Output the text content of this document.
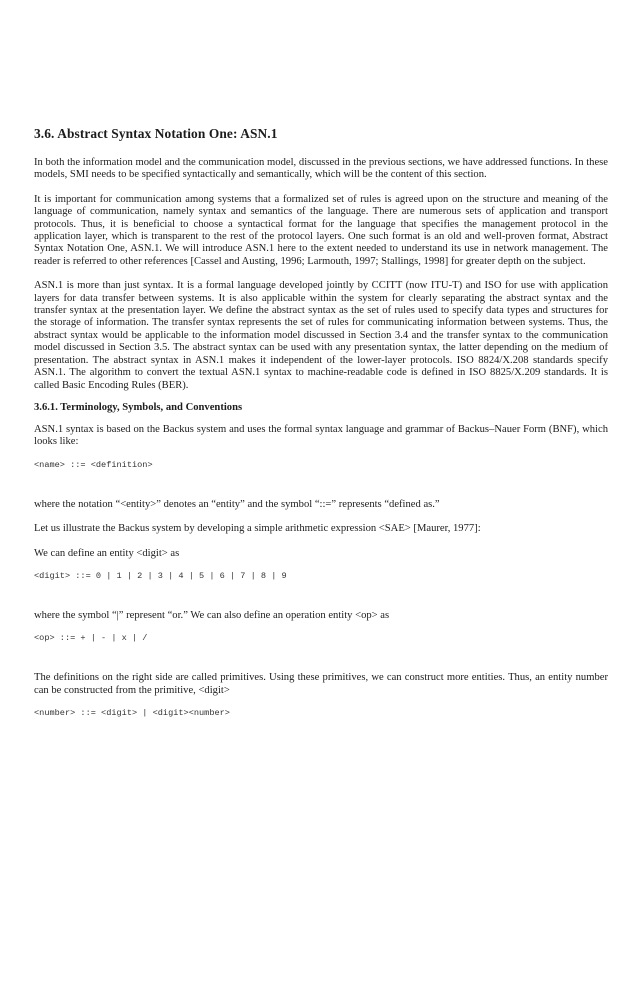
3.6. Abstract Syntax Notation One: ASN.1

In both the information model and the communication model, discussed in the previous sections, we have addressed functions. In these models, SMI needs to be specified syntactically and semantically, which will be the content of this section.

It is important for communication among systems that a formalized set of rules is agreed upon on the structure and meaning of the language of communication, namely syntax and semantics of the language. There are numerous sets of application and transport protocols. Thus, it is beneficial to choose a syntactical format for the language that specifies the management protocol in the application layer, which is transparent to the rest of the protocol layers. One such format is an old and well-proven format, Abstract Syntax Notation One, ASN.1. We will introduce ASN.1 here to the extent needed to understand its use in network management. The reader is referred to other references [Cassel and Austing, 1996; Larmouth, 1997; Stallings, 1998] for greater depth on the subject.

ASN.1 is more than just syntax. It is a formal language developed jointly by CCITT (now ITU-T) and ISO for use with application layers for data transfer between systems. It is also applicable within the system for clearly separating the abstract syntax and the transfer syntax at the presentation layer. We define the abstract syntax as the set of rules used to specify data types and structures for the storage of information. The transfer syntax represents the set of rules for communicating information between systems. Thus, the abstract syntax would be applicable to the information model discussed in Section 3.4 and the transfer syntax to the communication model discussed in Section 3.5. The abstract syntax can be used with any presentation syntax, the latter depending on the medium of presentation. The abstract syntax in ASN.1 makes it independent of the lower-layer protocols. ISO 8824/X.208 standards specify ASN.1. The algorithm to convert the textual ASN.1 syntax to machine-readable code is defined in ISO 8825/X.209 standards. It is called Basic Encoding Rules (BER).

3.6.1. Terminology, Symbols, and Conventions

ASN.1 syntax is based on the Backus system and uses the formal syntax language and grammar of Backus–Nauer Form (BNF), which looks like:

<name> ::= <definition>

where the notation “<entity>” denotes an “entity” and the symbol “::=” represents “defined as.”

Let us illustrate the Backus system by developing a simple arithmetic expression <SAE> [Maurer, 1977]:

We can define an entity <digit> as

<digit> ::= 0 | 1 | 2 | 3 | 4 | 5 | 6 | 7 | 8 | 9

where the symbol “|” represent “or.” We can also define an operation entity <op> as

<op> ::= + | - | x | /

The definitions on the right side are called primitives. Using these primitives, we can construct more entities. Thus, an entity number can be constructed from the primitive, <digit>

<number> ::= <digit> | <digit><number>
